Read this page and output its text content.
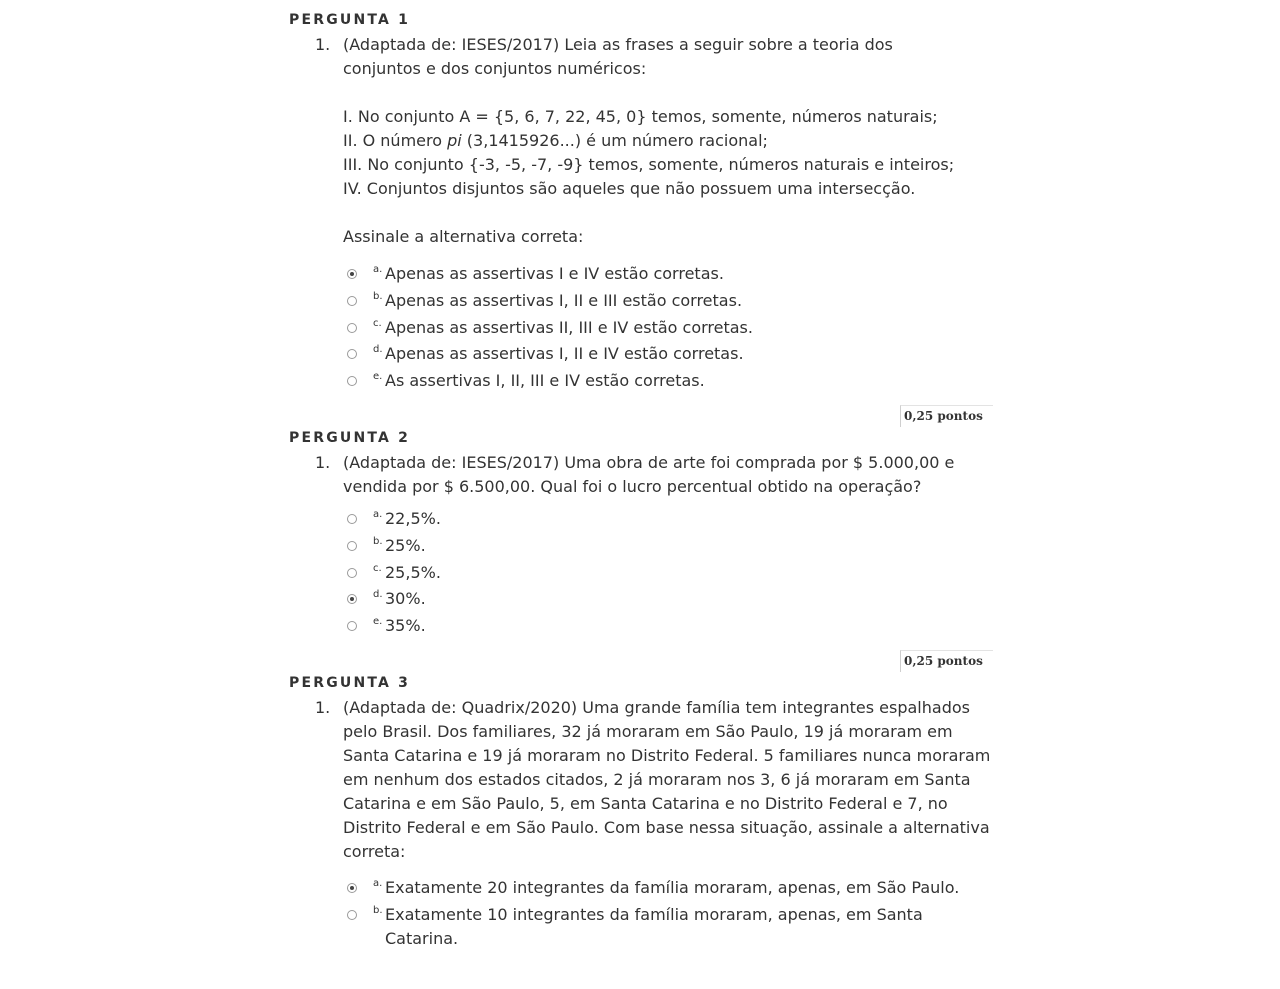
PERGUNTA 1
1. (Adaptada de: IESES/2017) Leia as frases a seguir sobre a teoria dos conjuntos e dos conjuntos numéricos:

I. No conjunto A = {5, 6, 7, 22, 45, 0} temos, somente, números naturais;

II. O número pi (3,1415926...) é um número racional;

III. No conjunto {-3, -5, -7, -9} temos, somente, números naturais e inteiros;

IV. Conjuntos disjuntos são aqueles que não possuem uma intersecção.

Assinale a alternativa correta:

a. Apenas as assertivas I e IV estão corretas.
b. Apenas as assertivas I, II e III estão corretas.
c. Apenas as assertivas II, III e IV estão corretas.
d. Apenas as assertivas I, II e IV estão corretas.
e. As assertivas I, II, III e IV estão corretas.
0,25 pontos
PERGUNTA 2
1. (Adaptada de: IESES/2017) Uma obra de arte foi comprada por $ 5.000,00 e vendida por $ 6.500,00. Qual foi o lucro percentual obtido na operação?
a. 22,5%.
b. 25%.
c. 25,5%.
d. 30%.
e. 35%.
0,25 pontos
PERGUNTA 3
1. (Adaptada de: Quadrix/2020) Uma grande família tem integrantes espalhados pelo Brasil. Dos familiares, 32 já moraram em São Paulo, 19 já moraram em Santa Catarina e 19 já moraram no Distrito Federal. 5 familiares nunca moraram em nenhum dos estados citados, 2 já moraram nos 3, 6 já moraram em Santa Catarina e em São Paulo, 5, em Santa Catarina e no Distrito Federal e 7, no Distrito Federal e em São Paulo. Com base nessa situação, assinale a alternativa correta:
a. Exatamente 20 integrantes da família moraram, apenas, em São Paulo.
b. Exatamente 10 integrantes da família moraram, apenas, em Santa Catarina.
